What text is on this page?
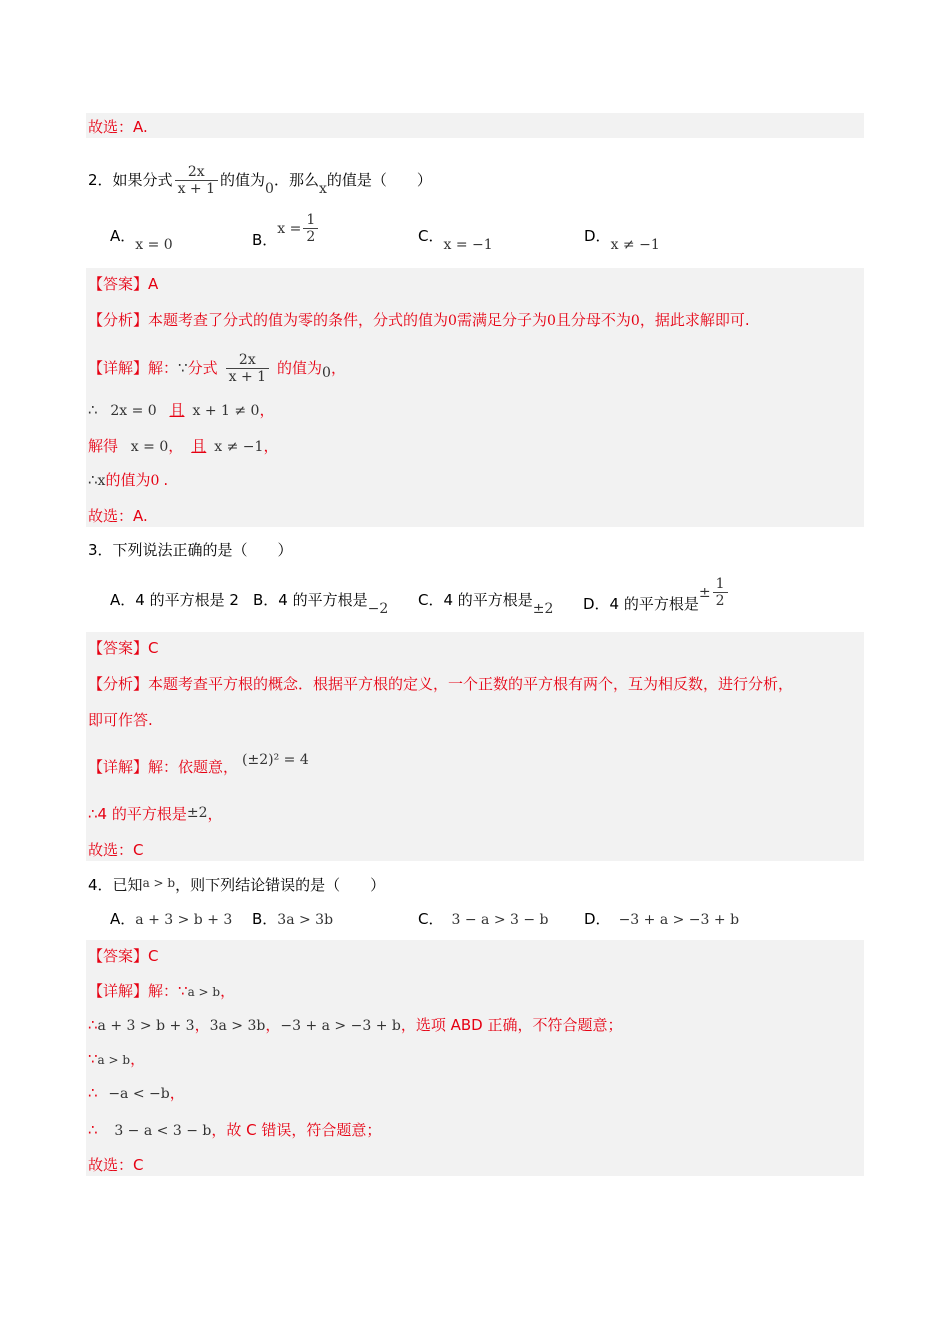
故选：A.
2．如果分式 $\frac{2x}{x + 1}$ 的值为0．那么x的值是（　　）
A．x = 0	B．$x = \frac{1}{2}$	C．x = −1	D．x ≠ −1
【答案】A
【分析】本题考查了分式的值为零的条件，分式的值为0需满足分子为0且分母不为0，据此求解即可.
【详解】解：∵分式 $\frac{2x}{x + 1}$ 的值为0，
∴ 2x = 0 且 x + 1 ≠ 0，
解得 x = 0， 且 x ≠ −1，
∴x的值为0 .
故选：A.
3．下列说法正确的是（　　）
A．4 的平方根是 2 B．4 的平方根是−2 C．4 的平方根是±2 D．4 的平方根是± $\frac{1}{2}$
【答案】C
【分析】本题考查平方根的概念．根据平方根的定义，一个正数的平方根有两个，互为相反数，进行分析，
即可作答.
【详解】解：依题意， (±2)² = 4
∴4 的平方根是±2，
故选：C
4．已知$^{a > b}$，则下列结论错误的是（　　）
A．a + 3 > b + 3 B．3a > 3b	C． 3 − a > 3 − b D． −3 + a > −3 + b
【答案】C
【详解】解：∵a > b，
∴a + 3 > b + 3，3a > 3b，−3 + a > −3 + b，选项 ABD 正确，不符合题意；
∵a > b，
∴ −a < −b，
∴ 3 − a < 3 − b，故 C 错误，符合题意；
故选：C
